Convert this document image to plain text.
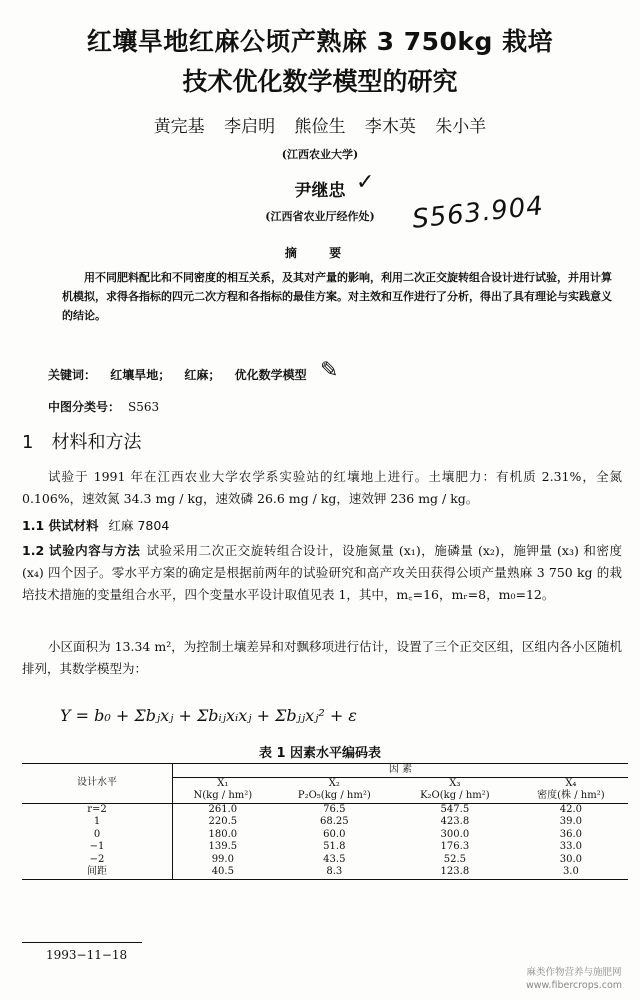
红壤旱地红麻公顷产熟麻 3 750kg 栽培
技术优化数学模型的研究
黄完基 李启明 熊俭生 李木英 朱小羊
(江西农业大学)
尹继忠 ✓
(江西省农业厅经作处)	S563.904
摘 要
用不同肥料配比和不同密度的相互关系，及其对产量的影响，利用二次正交旋转组合设计进行试验，并用计算机模拟，求得各指标的四元二次方程和各指标的最佳方案。对主效和互作进行了分析，得出了具有理论与实践意义的结论。
关键词： 红壤旱地； 红麻； 优化数学模型 ✎
中图分类号： S563
1 材料和方法
试验于 1991 年在江西农业大学农学系实验站的红壤地上进行。土壤肥力：有机质 2.31%，全氮 0.106%，速效氮 34.3 mg / kg，速效磷 26.6 mg / kg，速效钾 236 mg / kg。
1.1 供试材料 红麻 7804
1.2 试验内容与方法 试验采用二次正交旋转组合设计，设施氮量 (x₁)，施磷量 (x₂)，施钾量 (x₃) 和密度 (x₄) 四个因子。零水平方案的确定是根据前两年的试验研究和高产攻关田获得公顷产量熟麻 3 750 kg 的栽培技术措施的变量组合水平，四个变量水平设计取值见表 1，其中，m꜀=16，mᵣ=8，m₀=12。
小区面积为 13.34 m²，为控制土壤差异和对飘移项进行估计，设置了三个正交区组，区组内各小区随机排列，其数学模型为：
Y = b₀ + Σbⱼxⱼ + Σbᵢⱼxᵢxⱼ + Σbⱼⱼxⱼ² + ε
表 1 因素水平编码表
设计水平	因 素			
	X₁	X₂	X₃	X₄
	N(kg / hm²)	P₂O₅(kg / hm²)	K₂O(kg / hm²)	密度(株 / hm²)
r=2	261.0	76.5	547.5	42.0
1	220.5	68.25	423.8	39.0
0	180.0	60.0	300.0	36.0
−1	139.5	51.8	176.3	33.0
−2	99.0	43.5	52.5	30.0
间距	40.5	8.3	123.8	3.0
1993−11−18
麻类作物营养与施肥网
www.fibercrops.com
